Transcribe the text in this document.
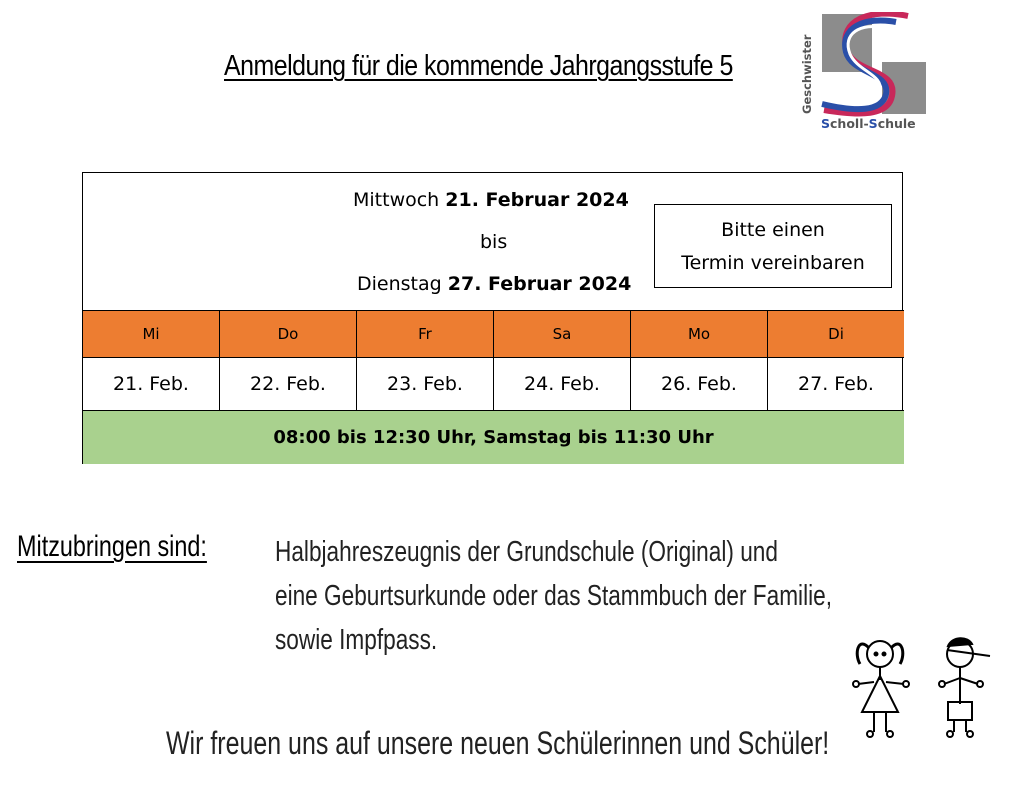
Anmeldung für die kommende Jahrgangsstufe 5	Geschwister
Scholl-Schule
Mittwoch 21. Februar 2024
bis
Dienstag 27. Februar 2024
Bitte einen
Termin vereinbaren
Mi	Do	Fr	Sa	Mo	Di
21. Feb.	22. Feb.	23. Feb.	24. Feb.	26. Feb.	27. Feb.
08:00 bis 12:30 Uhr, Samstag bis 11:30 Uhr
Mitzubringen sind: Halbjahreszeugnis der Grundschule (Original) und
eine Geburtsurkunde oder das Stammbuch der Familie,
sowie Impfpass.
Wir freuen uns auf unsere neuen Schülerinnen und Schüler!
